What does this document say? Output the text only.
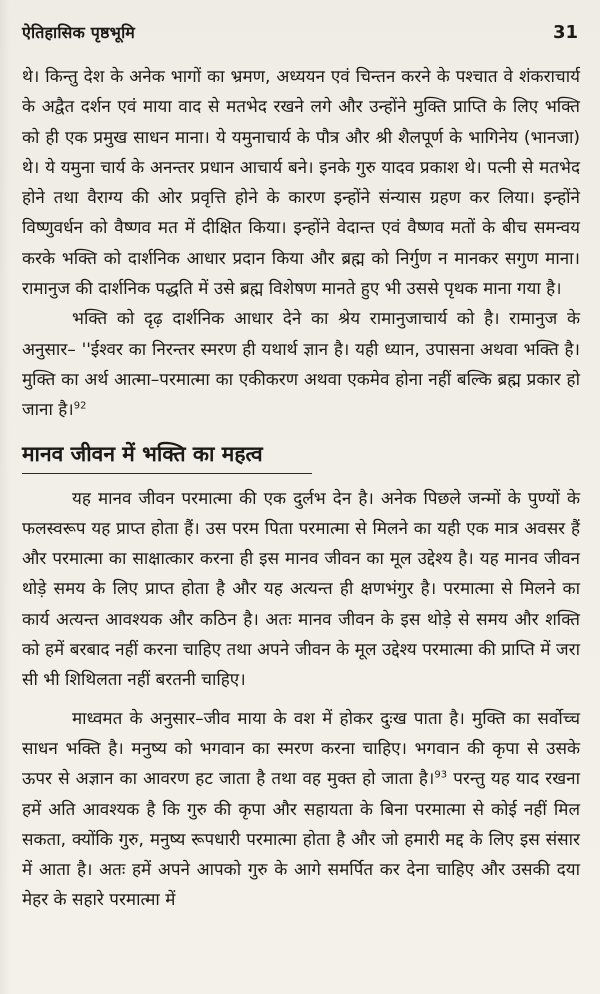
ऐतिहासिक पृष्ठभूमि	31

थे। किन्तु देश के अनेक भागों का भ्रमण, अध्ययन एवं चिन्तन करने के पश्चात वे शंकराचार्य के अद्वैत दर्शन एवं माया वाद से मतभेद रखने लगे और उन्होंने मुक्ति प्राप्ति के लिए भक्ति को ही एक प्रमुख साधन माना। ये यमुनाचार्य के पौत्र और श्री शैलपूर्ण के भागिनेय (भानजा) थे। ये यमुना चार्य के अनन्तर प्रधान आचार्य बने। इनके गुरु यादव प्रकाश थे। पत्नी से मतभेद होने तथा वैराग्य की ओर प्रवृत्ति होने के कारण इन्होंने संन्यास ग्रहण कर लिया। इन्होंने विष्णुवर्धन को वैष्णव मत में दीक्षित किया। इन्होंने वेदान्त एवं वैष्णव मतों के बीच समन्वय करके भक्ति को दार्शनिक आधार प्रदान किया और ब्रह्म को निर्गुण न मानकर सगुण माना। रामानुज की दार्शनिक पद्धति में उसे ब्रह्म विशेषण मानते हुए भी उससे पृथक माना गया है।

भक्ति को दृढ़ दार्शनिक आधार देने का श्रेय रामानुजाचार्य को है। रामानुज के अनुसार– ''ईश्वर का निरन्तर स्मरण ही यथार्थ ज्ञान है। यही ध्यान, उपासना अथवा भक्ति है। मुक्ति का अर्थ आत्मा–परमात्मा का एकीकरण अथवा एकमेव होना नहीं बल्कि ब्रह्म प्रकार हो जाना है।$^{92}$

मानव जीवन में भक्ति का महत्व

यह मानव जीवन परमात्मा की एक दुर्लभ देन है। अनेक पिछले जन्मों के पुण्यों के फलस्वरूप यह प्राप्त होता हैं। उस परम पिता परमात्मा से मिलने का यही एक मात्र अवसर हैं और परमात्मा का साक्षात्कार करना ही इस मानव जीवन का मूल उद्देश्य है। यह मानव जीवन थोड़े समय के लिए प्राप्त होता है और यह अत्यन्त ही क्षणभंगुर है। परमात्मा से मिलने का कार्य अत्यन्त आवश्यक और कठिन है। अतः मानव जीवन के इस थोड़े से समय और शक्ति को हमें बरबाद नहीं करना चाहिए तथा अपने जीवन के मूल उद्देश्य परमात्मा की प्राप्ति में जरा सी भी शिथिलता नहीं बरतनी चाहिए।

माध्वमत के अनुसार–जीव माया के वश में होकर दुःख पाता है। मुक्ति का सर्वोच्च साधन भक्ति है। मनुष्य को भगवान का स्मरण करना चाहिए। भगवान की कृपा से उसके ऊपर से अज्ञान का आवरण हट जाता है तथा वह मुक्त हो जाता है।$^{93}$ परन्तु यह याद रखना हमें अति आवश्यक है कि गुरु की कृपा और सहायता के बिना परमात्मा से कोई नहीं मिल सकता, क्योंकि गुरु, मनुष्य रूपधारी परमात्मा होता है और जो हमारी मद्द के लिए इस संसार में आता है। अतः हमें अपने आपको गुरु के आगे समर्पित कर देना चाहिए और उसकी दया मेहर के सहारे परमात्मा में
